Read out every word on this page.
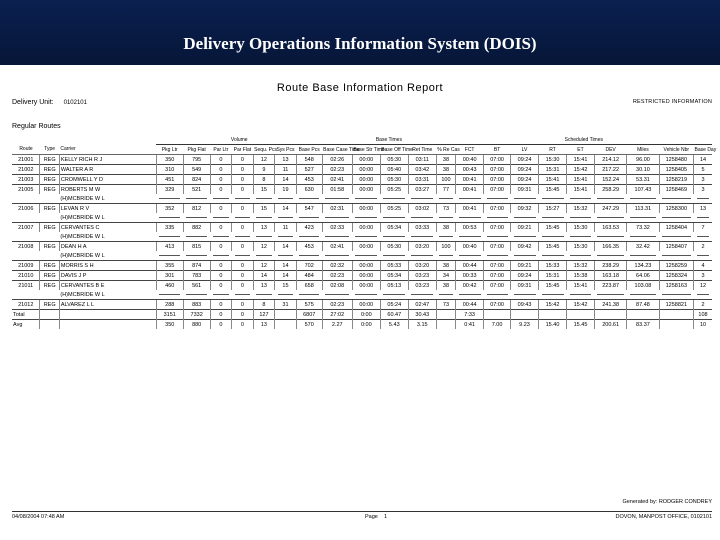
Delivery Operations Information System (DOIS)
Route Base Information Report
Delivery Unit: 0102101	RESTRICTED INFORMATION
Regular Routes
			Volume							Base Times					Scheduled Times								
Route	Type	Carrier	Pkg Ltr	Pkg Flat	Par Ltr	Par Flat	Sequ. Pcs	Sys Pcs	Base Pcs	Base Case Time	Base Str Time	Base Off Time	Ret Time	% Re Cas	FCT	BT	LV	RT	ET	DEV	Miles	Vehicle Nbr	Base Day
21001	REG	KELLY RICH R J	350	795	0	0	12	13	548	02:26	00:00	05:30	03:11	38	00:40	07:00	09:24	15:30	15:41	214.12	96.00	1258480	14
21002	REG	WALTER A R	310	549	0	0	9	11	527	02:23	00:00	05:40	03:42	38	00:43	07:00	09:24	15:31	15:42	217.22	30.10	1258405	5
21003	REG	CROMWELL Y D	451	824	0	0	8	14	453	02:41	00:00	05:30	03:31	100	00:41	07:00	09:24	15:41	15:41	152.24	53.31	1258219	3
21005	REG	ROBERTS M W	329	521	0	0	15	19	630	01:58	00:00	05:25	03:27	77	00:41	07:00	09:31	15:45	15:41	258.29	107.43	1258469	3
		(H)MCBRIDE W L	

21006	REG	LEVAN R V	352	812	0	0	15	14	547	02:31	00:00	05:25	03:02	73	00:41	07:00	09:32	15:27	15:32	247.29	113.31	1258300	13
		(H)MCBRIDE W L	

21007	REG	CERVANTES C	335	882	0	0	13	11	423	02:33	00:00	05:34	03:33	38	00:53	07:00	09:21	15:45	15:30	163.53	73.32	1258404	7
		(H)MCBRIDE W L	

21008	REG	DEAN H A	413	815	0	0	12	14	453	02:41	00:00	05:30	03:20	100	00:40	07:00	09:42	15:45	15:30	166.35	32.42	1258407	2
		(H)MCBRIDE W L	

21009	REG	MORRIS S H	355	874	0	0	12	14	702	02:32	00:00	05:33	03:20	38	00:44	07:00	09:21	15:33	15:32	238.29	134.23	1258259	4
21010	REG	DAVIS J P	301	783	0	0	14	14	484	02:23	00:00	05:34	03:23	34	00:33	07:00	09:24	15:31	15:38	163.18	64.06	1258324	3
21011	REG	CERVANTES B E	460	561	0	0	13	15	658	02:08	00:00	05:13	03:23	38	00:42	07:00	09:31	15:45	15:41	223.87	103.08	1258163	12
		(H)MCBRIDE W L	

21012	REG	ALVAREZ L L	288	883	0	0	8	31	575	02:23	00:00	05:24	02:47	73	00:44	07:00	09:43	15:42	15:42	241.38	87.48	1258821	2
Total			3151	7332	0	0	127		6807	27:02	0:00	60.47	30.43		7:33								108
Avg			350	880	0	0	13		570	2.27	0:00	5.43	3.15		0:41	7.00	9.23	15.40	15.45	200.61	83.37		10
Generated by: RODGER CONDREY
04/08/2004 07:48 AM	Page 1	DOVON, MANPOST OFFICE, 0102101
